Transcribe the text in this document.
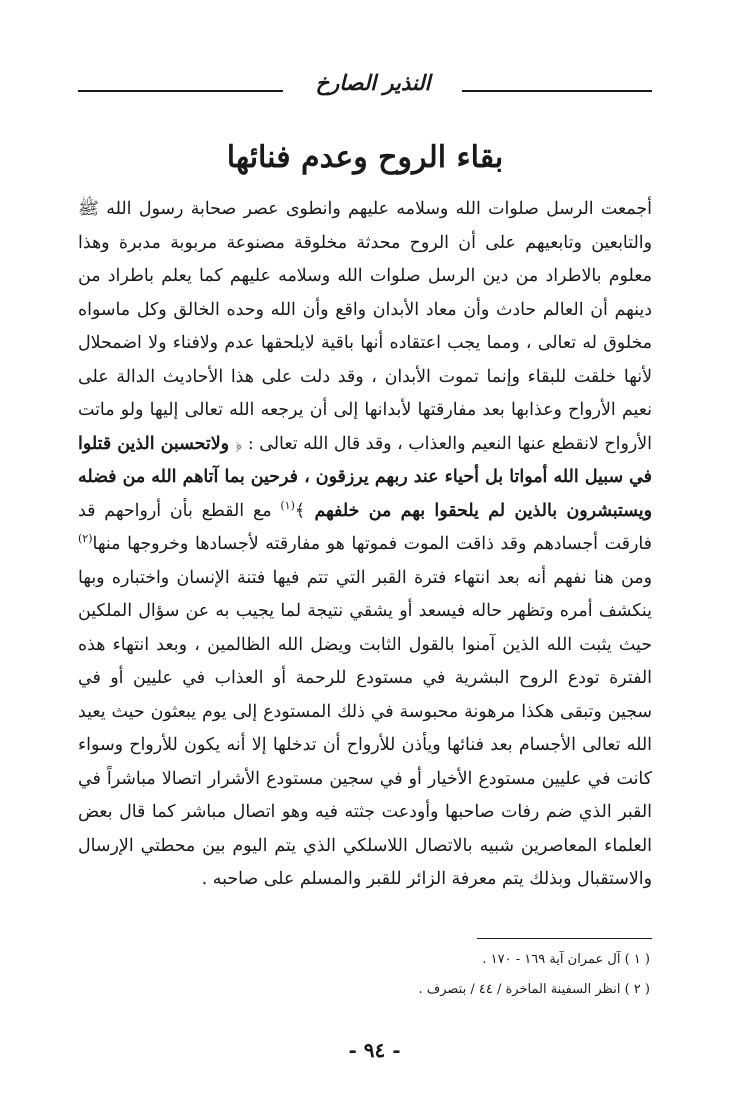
النذير الصارخ
بقاء الروح وعدم فنائها

أجمعت الرسل صلوات الله وسلامه عليهم وانطوى عصر صحابة رسول الله ﷺ والتابعين وتابعيهم على أن الروح محدثة مخلوقة مصنوعة مربوبة مدبرة وهذا معلوم بالاطراد من دين الرسل صلوات الله وسلامه عليهم كما يعلم باطراد من دينهم أن العالم حادث وأن معاد الأبدان واقع وأن الله وحده الخالق وكل ماسواه مخلوق له تعالى ، ومما يجب اعتقاده أنها باقية لايلحقها عدم ولافناء ولا اضمحلال لأنها خلقت للبقاء وإنما تموت الأبدان ، وقد دلت على هذا الأحاديث الدالة على نعيم الأرواح وعذابها بعد مفارقتها لأبدانها إلى أن يرجعه الله تعالى إليها ولو ماتت الأرواح لانقطع عنها النعيم والعذاب ، وقد قال الله تعالى : ﴿ ولاتحسبن الذين قتلوا في سبيل الله أمواتا بل أحياء عند ربهم يرزقون ، فرحين بما آتاهم الله من فضله ويستبشرون بالذين لم يلحقوا بهم من خلفهم ﴾$^{(١)}$ مع القطع بأن أرواحهم قد فارقت أجسادهم وقد ذاقت الموت فموتها هو مفارقته لأجسادها وخروجها منها$^{(٢)}$ ومن هنا نفهم أنه بعد انتهاء فترة القبر التي تتم فيها فتنة الإنسان واختباره وبها ينكشف أمره وتظهر حاله فيسعد أو يشقي نتيجة لما يجيب به عن سؤال الملكين حيث يثبت الله الذين آمنوا بالقول الثابت ويضل الله الظالمين ، وبعد انتهاء هذه الفترة تودع الروح البشرية في مستودع للرحمة أو العذاب في عليين أو في سجين وتبقى هكذا مرهونة محبوسة في ذلك المستودع إلى يوم يبعثون حيث يعيد الله تعالى الأجسام بعد فنائها ويأذن للأرواح أن تدخلها إلا أنه يكون للأرواح وسواء كانت في عليين مستودع الأخيار أو في سجين مستودع الأشرار اتصالا مباشراً في القبر الذي ضم رفات صاحبها وأودعت جثته فيه وهو اتصال مباشر كما قال بعض العلماء المعاصرين شبيه بالاتصال اللاسلكي الذي يتم اليوم بين محطتي الإرسال والاستقبال وبذلك يتم معرفة الزائر للقبر والمسلم على صاحبه .

( ١ ) آل عمران آية ١٦٩ - ١٧٠ .

( ٢ ) انظر السفينة الماخرة / ٤٤ / بتصرف .

- ٩٤ -
